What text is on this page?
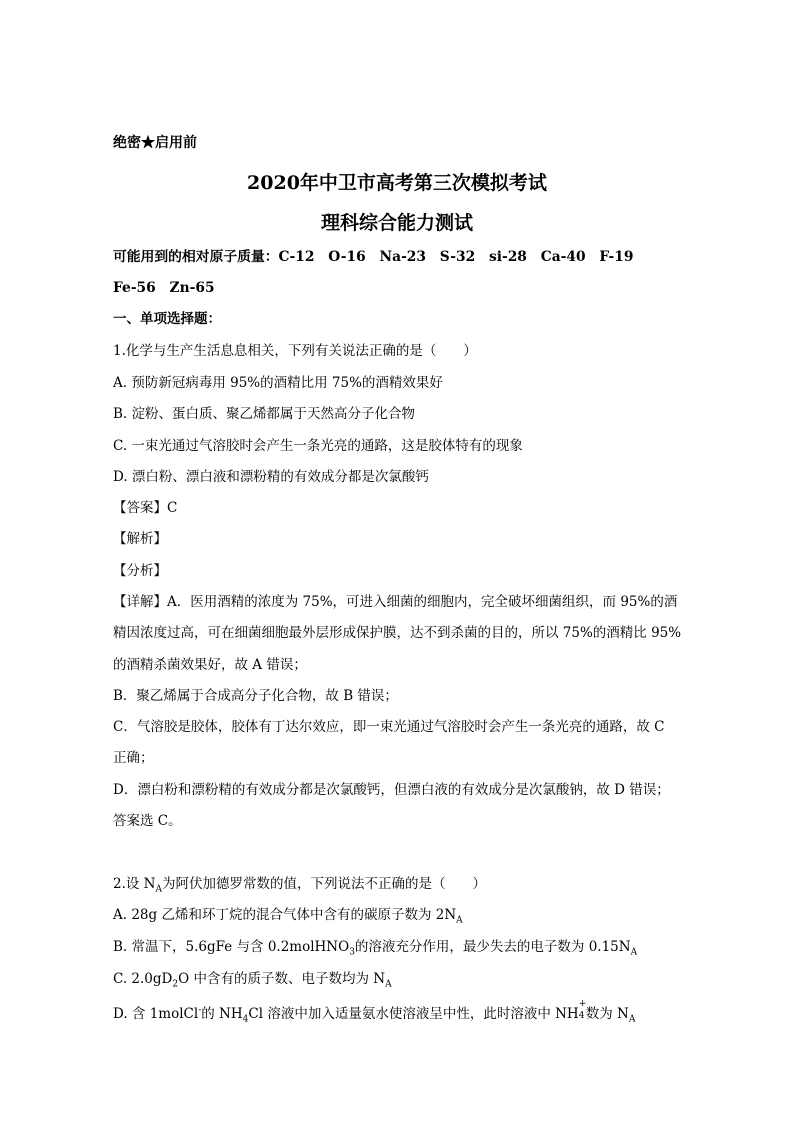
绝密★启用前
2020年中卫市高考第三次模拟考试
理科综合能力测试
可能用到的相对原子质量：C-12　O-16　Na-23　S-32　si-28　Ca-40　F-19
Fe-56　Zn-65
一、单项选择题：
1.化学与生产生活息息相关，下列有关说法正确的是（　　）
A. 预防新冠病毒用 95%的酒精比用 75%的酒精效果好
B. 淀粉、蛋白质、聚乙烯都属于天然高分子化合物
C. 一束光通过气溶胶时会产生一条光亮的通路，这是胶体特有的现象
D. 漂白粉、漂白液和漂粉精的有效成分都是次氯酸钙
【答案】C
【解析】
【分析】
【详解】A．医用酒精的浓度为 75%，可进入细菌的细胞内，完全破坏细菌组织，而 95%的酒
精因浓度过高，可在细菌细胞最外层形成保护膜，达不到杀菌的目的，所以 75%的酒精比 95%
的酒精杀菌效果好，故 A 错误；
B．聚乙烯属于合成高分子化合物，故 B 错误；
C．气溶胶是胶体，胶体有丁达尔效应，即一束光通过气溶胶时会产生一条光亮的通路，故 C
正确；
D．漂白粉和漂粉精的有效成分都是次氯酸钙，但漂白液的有效成分是次氯酸钠，故 D 错误；
答案选 C。
2.设 $N_A$为阿伏加德罗常数的值，下列说法不正确的是（　　）
A. 28g 乙烯和环丁烷的混合气体中含有的碳原子数为 $2N_A$
B. 常温下，5.6gFe 与含 0.2molHNO$_3$的溶液充分作用，最少失去的电子数为 $0.15N_A$
C. $2.0gD_2O$ 中含有的质子数、电子数均为 $N_A$
D. 含 1molCl-的 $NH_4Cl$ 溶液中加入适量氨水使溶液呈中性，此时溶液中 NH
+
4 数为 $N_A$
